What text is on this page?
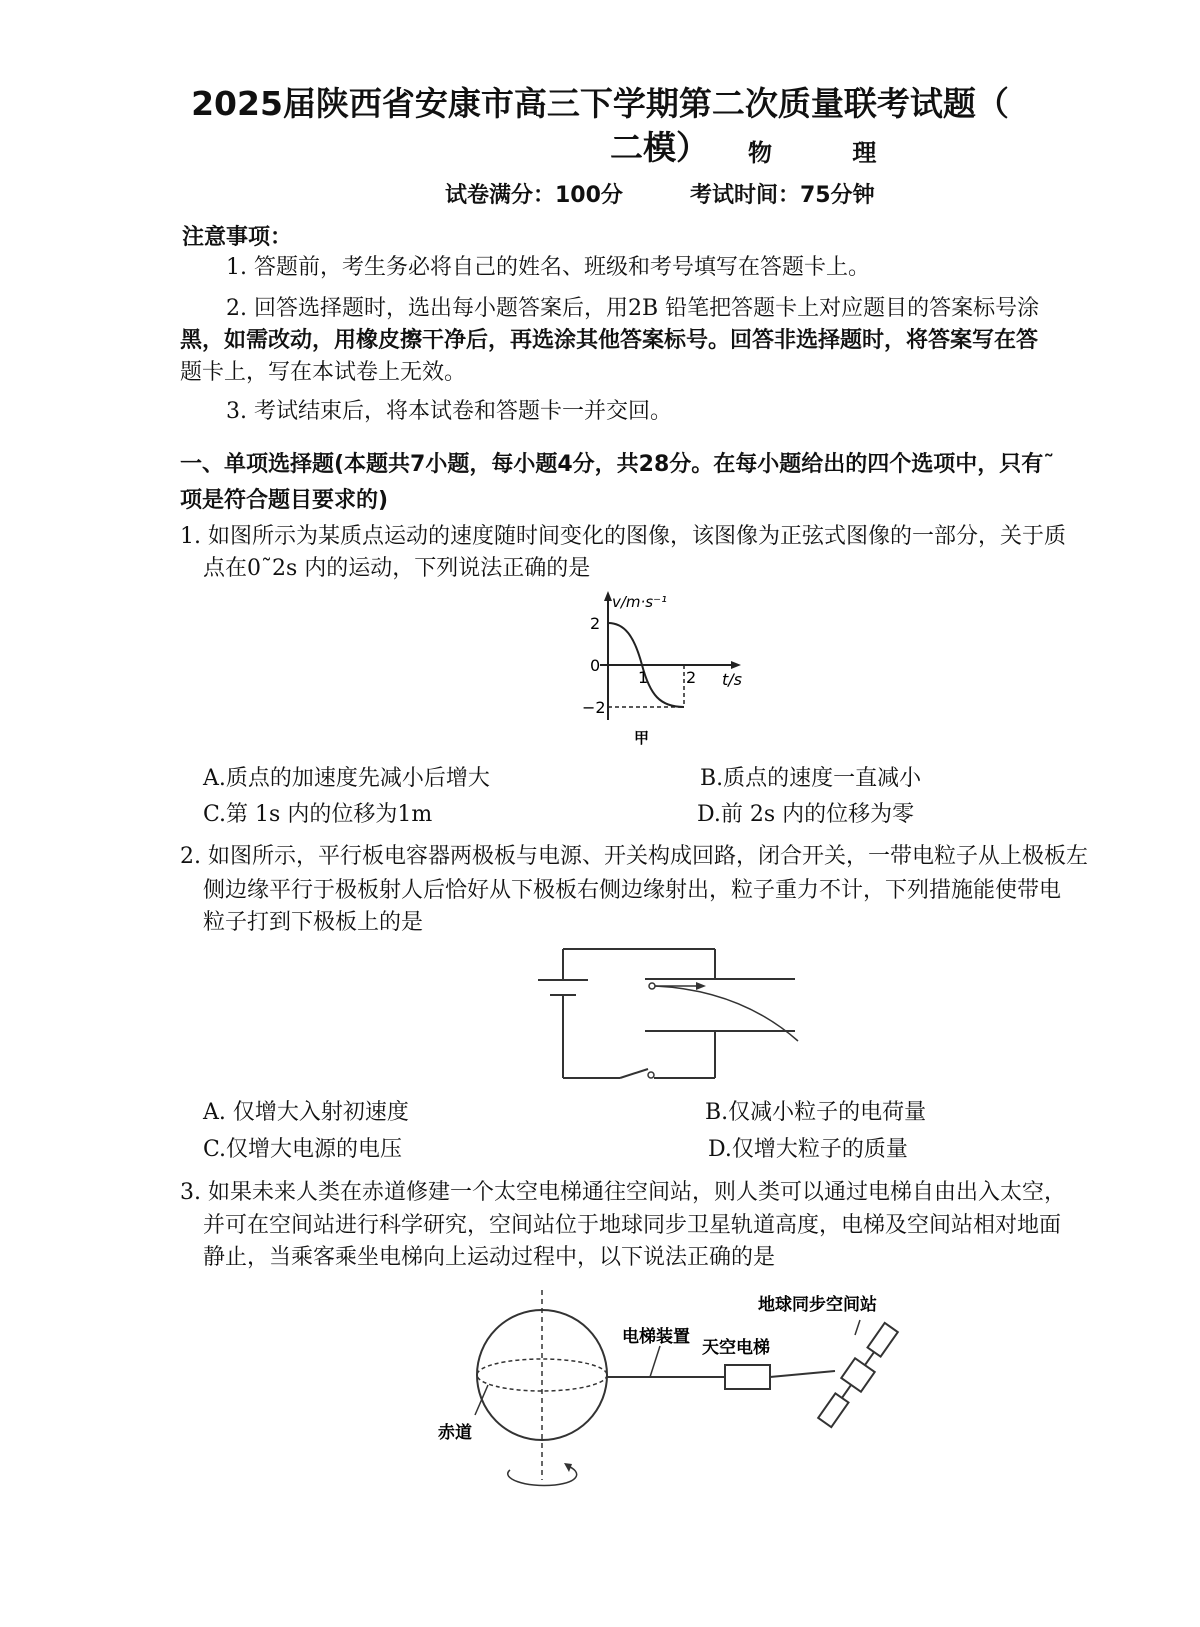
2025届陕西省安康市高三下学期第二次质量联考试题（
二模） 物 理
试卷满分：100分	考试时间：75分钟
注意事项：
1. 答题前，考生务必将自己的姓名、班级和考号填写在答题卡上。
2. 回答选择题时，选出每小题答案后，用2B 铅笔把答题卡上对应题目的答案标号涂
黑，如需改动，用橡皮擦干净后，再选涂其他答案标号。回答非选择题时，将答案写在答
题卡上，写在本试卷上无效。
3. 考试结束后，将本试卷和答题卡一并交回。
一、单项选择题(本题共7小题，每小题4分，共28分。在每小题给出的四个选项中，只有˜
项是符合题目要求的)
1. 如图所示为某质点运动的速度随时间变化的图像，该图像为正弦式图像的一部分，关于质
点在0˜2s 内的运动，下列说法正确的是
v/m·s⁻¹
t/s
2
0
−2
1 2
甲
A.质点的加速度先减小后增大	B.质点的速度一直减小
C.第 1s 内的位移为1m	D.前 2s 内的位移为零
2. 如图所示，平行板电容器两极板与电源、开关构成回路，闭合开关，一带电粒子从上极板左
侧边缘平行于极板射人后恰好从下极板右侧边缘射出，粒子重力不计，下列措施能使带电
粒子打到下极板上的是
A. 仅增大入射初速度	B.仅减小粒子的电荷量
C.仅增大电源的电压	D.仅增大粒子的质量
3. 如果未来人类在赤道修建一个太空电梯通往空间站，则人类可以通过电梯自由出入太空，
并可在空间站进行科学研究，空间站位于地球同步卫星轨道高度，电梯及空间站相对地面
静止，当乘客乘坐电梯向上运动过程中，以下说法正确的是
电梯装置
地球同步空间站
天空电梯
赤道
